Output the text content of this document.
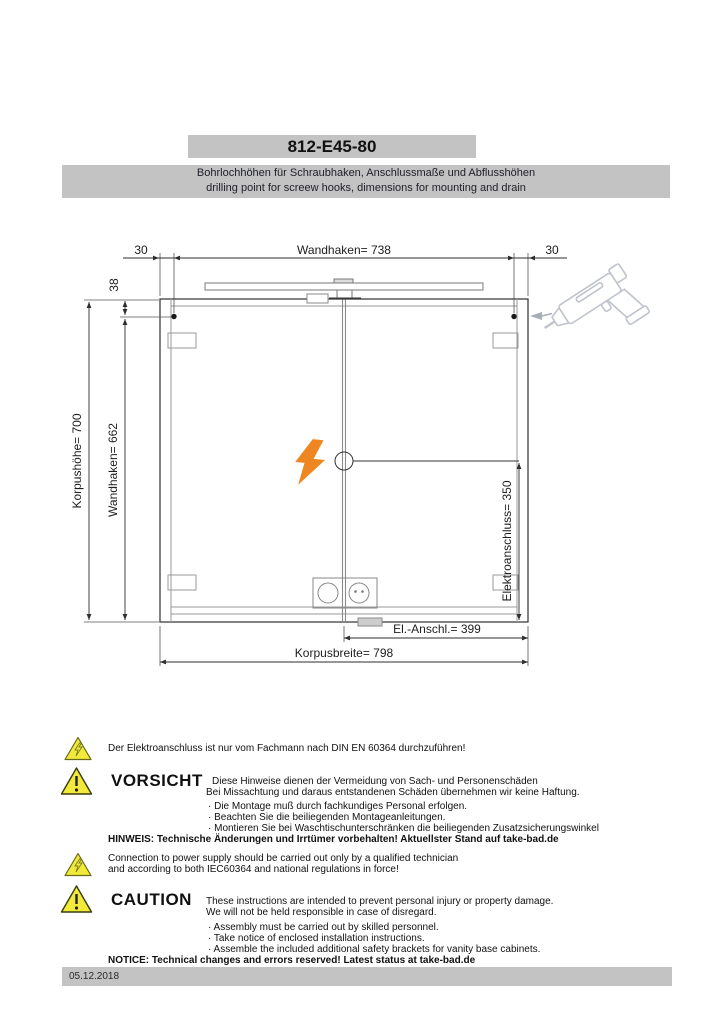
812-E45-80
Bohrlochhöhen für Schraubhaken, Anschlussmaße und Abflusshöhen
drilling point for screew hooks, dimensions for mounting and drain
30	Wandhaken= 738	30
38
Korpushöhe= 700 Wandhaken= 662
Elektroanschluss= 350
El.-Anschl.= 399
Korpusbreite= 798
Der Elektroanschluss ist nur vom Fachmann nach DIN EN 60364 durchzuführen!
VORSICHT Diese Hinweise dienen der Vermeidung von Sach- und Personenschäden
Bei Missachtung und daraus entstandenen Schäden übernehmen wir keine Haftung.
· Die Montage muß durch fachkundiges Personal erfolgen.
· Beachten Sie die beiliegenden Montageanleitungen.
· Montieren Sie bei Waschtischunterschränken die beiliegenden Zusatzsicherungswinkel
HINWEIS: Technische Änderungen und Irrtümer vorbehalten! Aktuellster Stand auf take-bad.de
Connection to power supply should be carried out only by a qualified technician
and according to both IEC60364 and national regulations in force!
CAUTION These instructions are intended to prevent personal injury or property damage.
We will not be held responsible in case of disregard.
· Assembly must be carried out by skilled personnel.
· Take notice of enclosed installation instructions.
· Assemble the included additional safety brackets for vanity base cabinets.
NOTICE: Technical changes and errors reserved! Latest status at take-bad.de
05.12.2018
